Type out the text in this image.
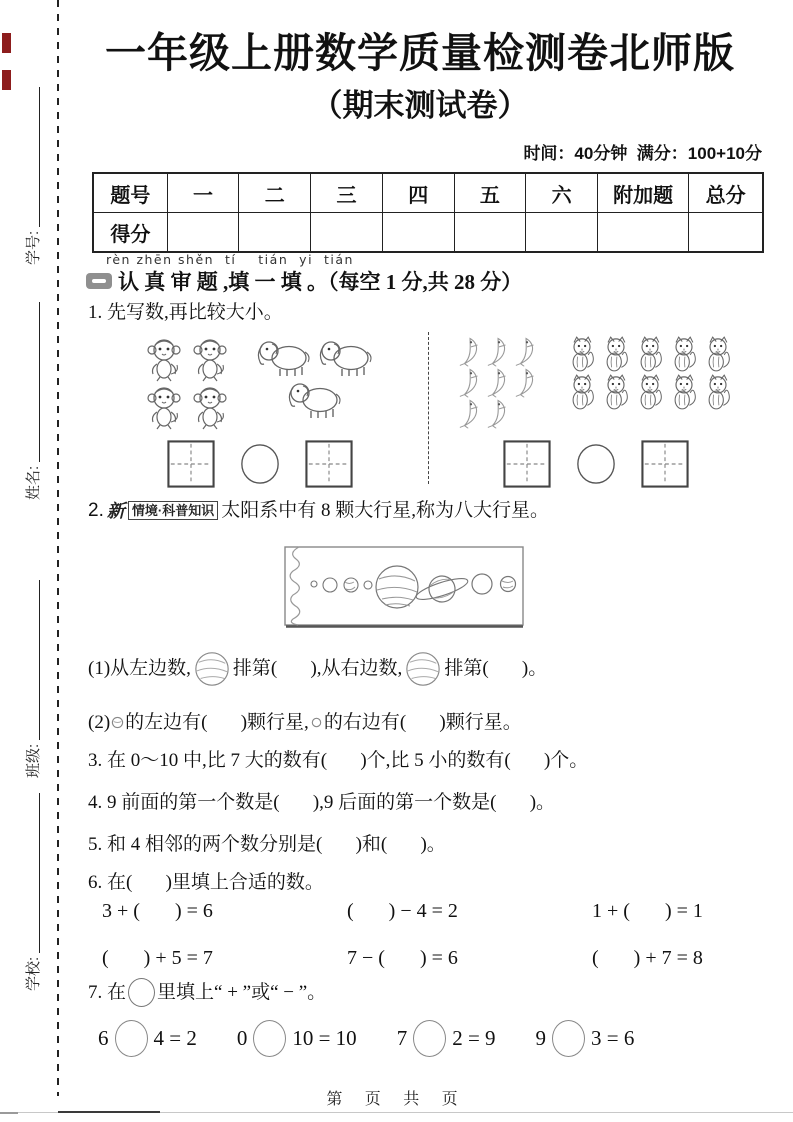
学号:
姓名:
班级:
学校:
一年级上册数学质量检测卷北师版
（期末测试卷）
时间：40分钟  满分：100+10分
题号	一	二	三	四	五	六	附加题	总分
得分								
rèn zhēn shěn  tí    tián  yi  tián
认 真 审 题 ,填 一 填 。（每空 1 分,共 28 分）
1. 先写数,再比较大小。
2. 新 情境·科普知识 太阳系中有 8 颗大行星,称为八大行星。
(1)从左边数, 排第(       ),从右边数, 排第(       )。
(2) 的左边有(       )颗行星, 的右边有(       )颗行星。
3. 在 0～10 中,比 7 大的数有(       )个,比 5 小的数有(       )个。
4. 9 前面的第一个数是(       ),9 后面的第一个数是(       )。
5. 和 4 相邻的两个数分别是(       )和(       )。
6. 在(       )里填上合适的数。
3 + (       ) = 6	(       ) − 4 = 2	1 + (       ) = 1
(       ) + 5 = 7	7 − (       ) = 6	(       ) + 7 = 8
7. 在 里填上“ + ”或“ − ”。
6 4 = 2 0 10 = 10 7 2 = 9 9 3 = 6
第 页 共 页
